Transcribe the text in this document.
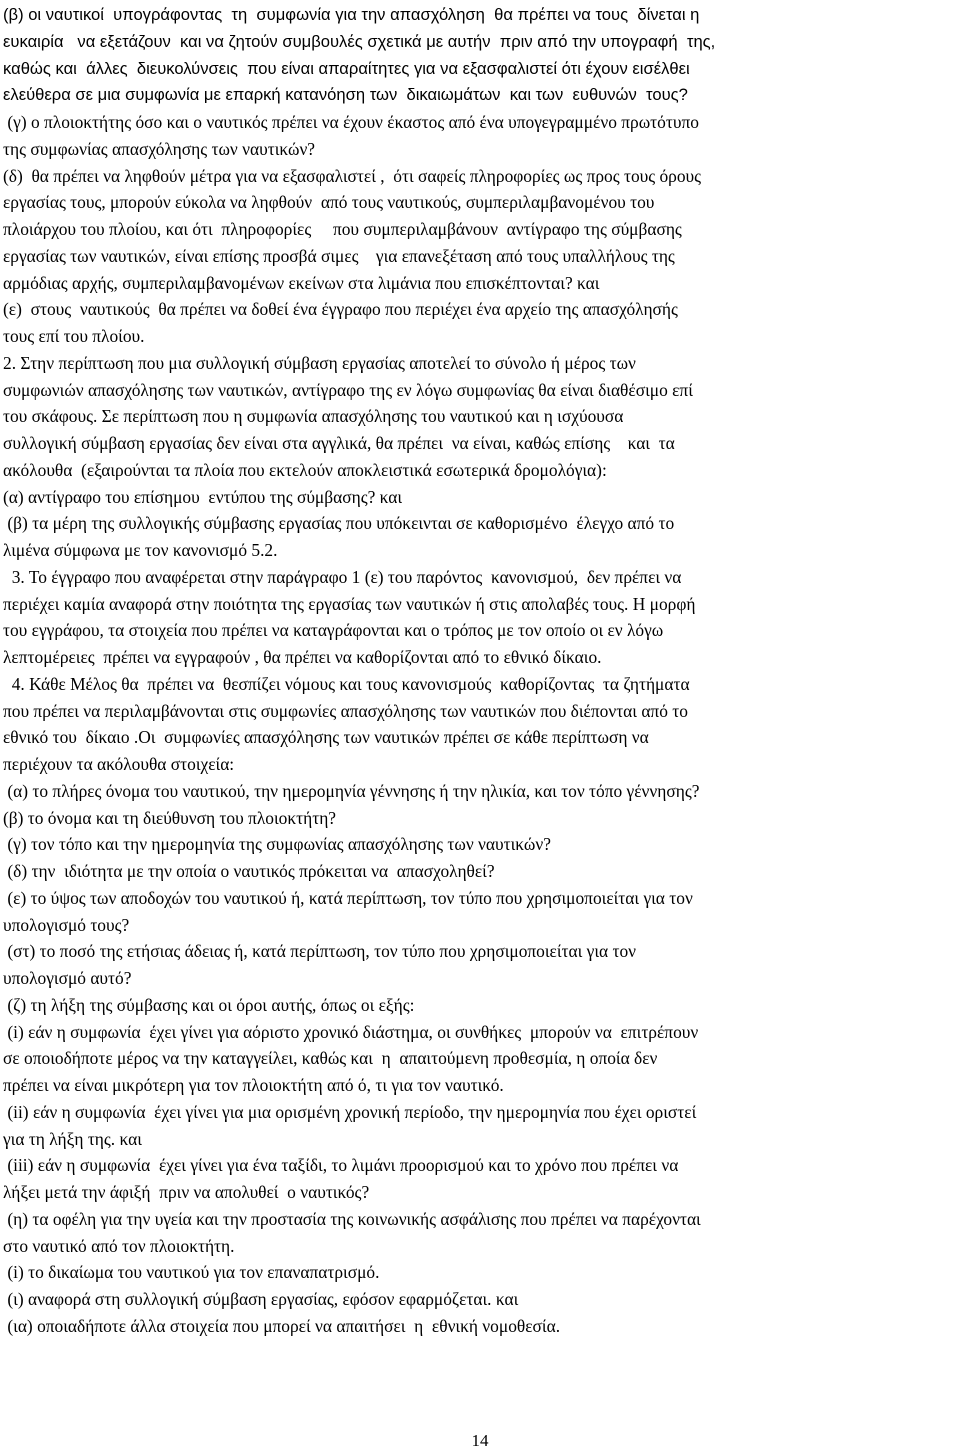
(β) οι ναυτικοί  υπογράφοντας  τη  συμφωνία για την απασχόληση  θα πρέπει να τους  δίνεται η
ευκαιρία   να εξετάζουν  και να ζητούν συμβουλές σχετικά με αυτήν  πριν από την υπογραφή  της,
καθώς και  άλλες  διευκολύνσεις  που είναι απαραίτητες για να εξασφαλιστεί ότι έχουν εισέλθει
ελεύθερα σε μια συμφωνία με επαρκή κατανόηση των  δικαιωμάτων  και των  ευθυνών  τους?
(γ) ο πλοιοκτήτης όσο και ο ναυτικός πρέπει να έχουν έκαστος από ένα υπογεγραμμένο πρωτότυπο
της συμφωνίας απασχόλησης των ναυτικών?
(δ)  θα πρέπει να ληφθούν μέτρα για να εξασφαλιστεί ,  ότι σαφείς πληροφορίες ως προς τους όρους
εργασίας τους, μπορούν εύκολα να ληφθούν  από τους ναυτικούς, συμπεριλαμβανομένου του
πλοιάρχου του πλοίου, και ότι  πληροφορίες     που συμπεριλαμβάνουν  αντίγραφο της σύμβασης
εργασίας των ναυτικών, είναι επίσης προσβά σιμες    για επανεξέταση από τους υπαλλήλους της
αρμόδιας αρχής, συμπεριλαμβανομένων εκείνων στα λιμάνια που επισκέπτονται? και
(ε)  στους  ναυτικούς  θα πρέπει να δοθεί ένα έγγραφο που περιέχει ένα αρχείο της απασχόλησής
τους επί του πλοίου.
2. Στην περίπτωση που μια συλλογική σύμβαση εργασίας αποτελεί το σύνολο ή μέρος των
συμφωνιών απασχόλησης των ναυτικών, αντίγραφο της εν λόγω συμφωνίας θα είναι διαθέσιμο επί
του σκάφους. Σε περίπτωση που η συμφωνία απασχόλησης του ναυτικού και η ισχύουσα
συλλογική σύμβαση εργασίας δεν είναι στα αγγλικά, θα πρέπει  να είναι, καθώς επίσης    και  τα
ακόλουθα  (εξαιρούνται τα πλοία που εκτελούν αποκλειστικά εσωτερικά δρομολόγια):
(α) αντίγραφο του επίσημου  εντύπου της σύμβασης? και
(β) τα μέρη της συλλογικής σύμβασης εργασίας που υπόκεινται σε καθορισμένο  έλεγχο από το
λιμένα σύμφωνα με τον κανονισμό 5.2.
3. Το έγγραφο που αναφέρεται στην παράγραφο 1 (ε) του παρόντος  κανονισμού,  δεν πρέπει να
περιέχει καμία αναφορά στην ποιότητα της εργασίας των ναυτικών ή στις απολαβές τους. Η μορφή
του εγγράφου, τα στοιχεία που πρέπει να καταγράφονται και ο τρόπος με τον οποίο οι εν λόγω
λεπτομέρειες  πρέπει να εγγραφούν , θα πρέπει να καθορίζονται από το εθνικό δίκαιο.
4. Κάθε Μέλος θα  πρέπει να  θεσπίζει νόμους και τους κανονισμούς  καθορίζοντας  τα ζητήματα
που πρέπει να περιλαμβάνονται στις συμφωνίες απασχόλησης των ναυτικών που διέπονται από το
εθνικό του  δίκαιο .Οι  συμφωνίες απασχόλησης των ναυτικών πρέπει σε κάθε περίπτωση να
περιέχουν τα ακόλουθα στοιχεία:
(α) το πλήρες όνομα του ναυτικού, την ημερομηνία γέννησης ή την ηλικία, και τον τόπο γέννησης?
(β) το όνομα και τη διεύθυνση του πλοιοκτήτη?
(γ) τον τόπο και την ημερομηνία της συμφωνίας απασχόλησης των ναυτικών?
(δ) την  ιδιότητα με την οποία ο ναυτικός πρόκειται να  απασχοληθεί?
(ε) το ύψος των αποδοχών του ναυτικού ή, κατά περίπτωση, τον τύπο που χρησιμοποιείται για τον
υπολογισμό τους?
(στ) το ποσό της ετήσιας άδειας ή, κατά περίπτωση, τον τύπο που χρησιμοποιείται για τον
υπολογισμό αυτό?
(ζ) τη λήξη της σύμβασης και οι όροι αυτής, όπως οι εξής:
(i) εάν η συμφωνία  έχει γίνει για αόριστο χρονικό διάστημα, οι συνθήκες  μπορούν να  επιτρέπουν
σε οποιοδήποτε μέρος να την καταγγείλει, καθώς και  η  απαιτούμενη προθεσμία, η οποία δεν
πρέπει να είναι μικρότερη για τον πλοιοκτήτη από ό, τι για τον ναυτικό.
(ii) εάν η συμφωνία  έχει γίνει για μια ορισμένη χρονική περίοδο, την ημερομηνία που έχει οριστεί
για τη λήξη της. και
(iii) εάν η συμφωνία  έχει γίνει για ένα ταξίδι, το λιμάνι προορισμού και το χρόνο που πρέπει να
λήξει μετά την άφιξή  πριν να απολυθεί  ο ναυτικός?
(η) τα οφέλη για την υγεία και την προστασία της κοινωνικής ασφάλισης που πρέπει να παρέχονται
στο ναυτικό από τον πλοιοκτήτη.
(i) το δικαίωμα του ναυτικού για τον επαναπατρισμό.
(ι) αναφορά στη συλλογική σύμβαση εργασίας, εφόσον εφαρμόζεται. και
(ια) οποιαδήποτε άλλα στοιχεία που μπορεί να απαιτήσει  η  εθνική νομοθεσία.
14
